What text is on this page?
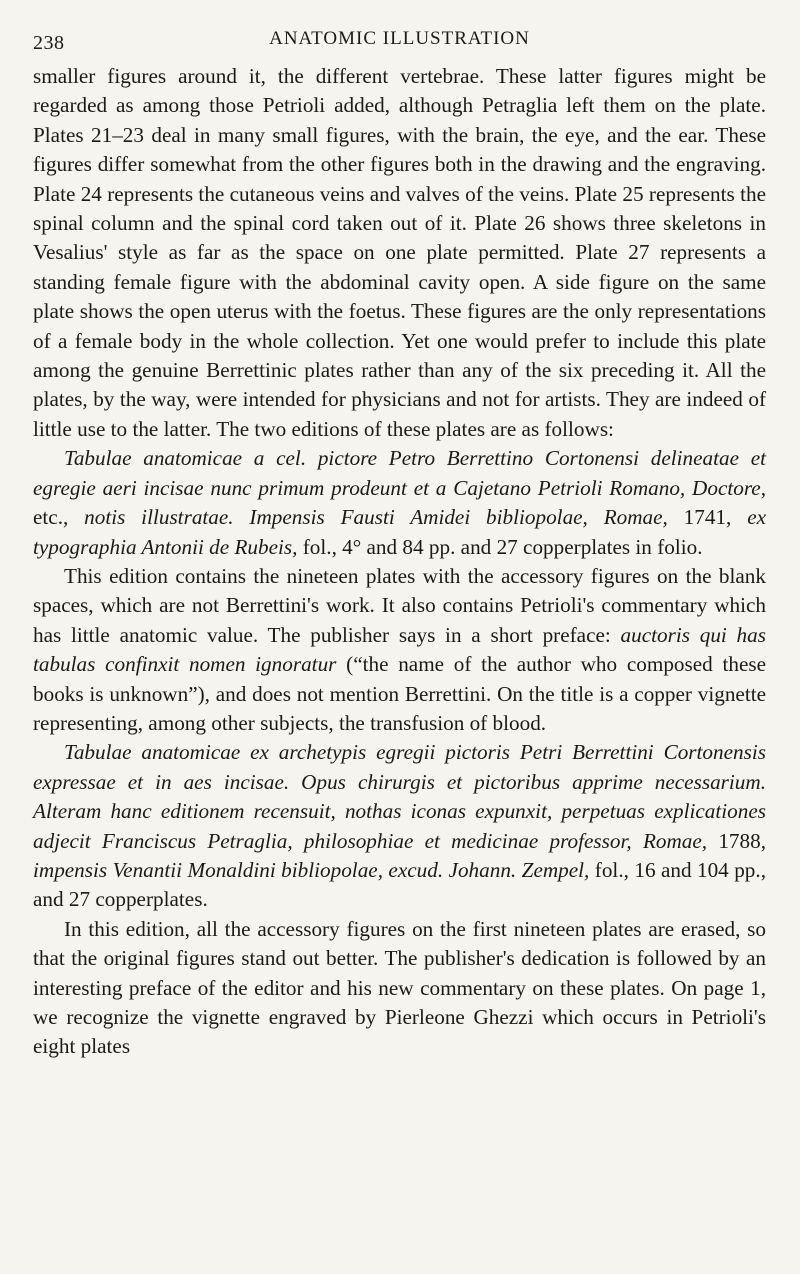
238	ANATOMIC ILLUSTRATION

smaller figures around it, the different vertebrae. These latter figures might be regarded as among those Petrioli added, although Petraglia left them on the plate. Plates 21–23 deal in many small figures, with the brain, the eye, and the ear. These figures differ somewhat from the other figures both in the drawing and the engraving. Plate 24 represents the cutaneous veins and valves of the veins. Plate 25 represents the spinal column and the spinal cord taken out of it. Plate 26 shows three skeletons in Vesalius' style as far as the space on one plate permitted. Plate 27 represents a standing female figure with the abdominal cavity open. A side figure on the same plate shows the open uterus with the foetus. These figures are the only representations of a female body in the whole collection. Yet one would prefer to include this plate among the genuine Berrettinic plates rather than any of the six preceding it. All the plates, by the way, were intended for physicians and not for artists. They are indeed of little use to the latter. The two editions of these plates are as follows:

Tabulae anatomicae a cel. pictore Petro Berrettino Cortonensi delineatae et egregie aeri incisae nunc primum prodeunt et a Cajetano Petrioli Romano, Doctore, etc., notis illustratae. Impensis Fausti Amidei bibliopolae, Romae, 1741, ex typographia Antonii de Rubeis, fol., 4° and 84 pp. and 27 copperplates in folio.

This edition contains the nineteen plates with the accessory figures on the blank spaces, which are not Berrettini's work. It also contains Petrioli's commentary which has little anatomic value. The publisher says in a short preface: auctoris qui has tabulas confinxit nomen ignoratur (“the name of the author who composed these books is unknown”), and does not mention Berrettini. On the title is a copper vignette representing, among other subjects, the transfusion of blood.

Tabulae anatomicae ex archetypis egregii pictoris Petri Berrettini Cortonensis expressae et in aes incisae. Opus chirurgis et pictoribus apprime necessarium. Alteram hanc editionem recensuit, nothas iconas expunxit, perpetuas explicationes adjecit Franciscus Petraglia, philosophiae et medicinae professor, Romae, 1788, impensis Venantii Monaldini bibliopolae, excud. Johann. Zempel, fol., 16 and 104 pp., and 27 copperplates.

In this edition, all the accessory figures on the first nineteen plates are erased, so that the original figures stand out better. The publisher's dedication is followed by an interesting preface of the editor and his new commentary on these plates. On page 1, we recognize the vignette engraved by Pierleone Ghezzi which occurs in Petrioli's eight plates
